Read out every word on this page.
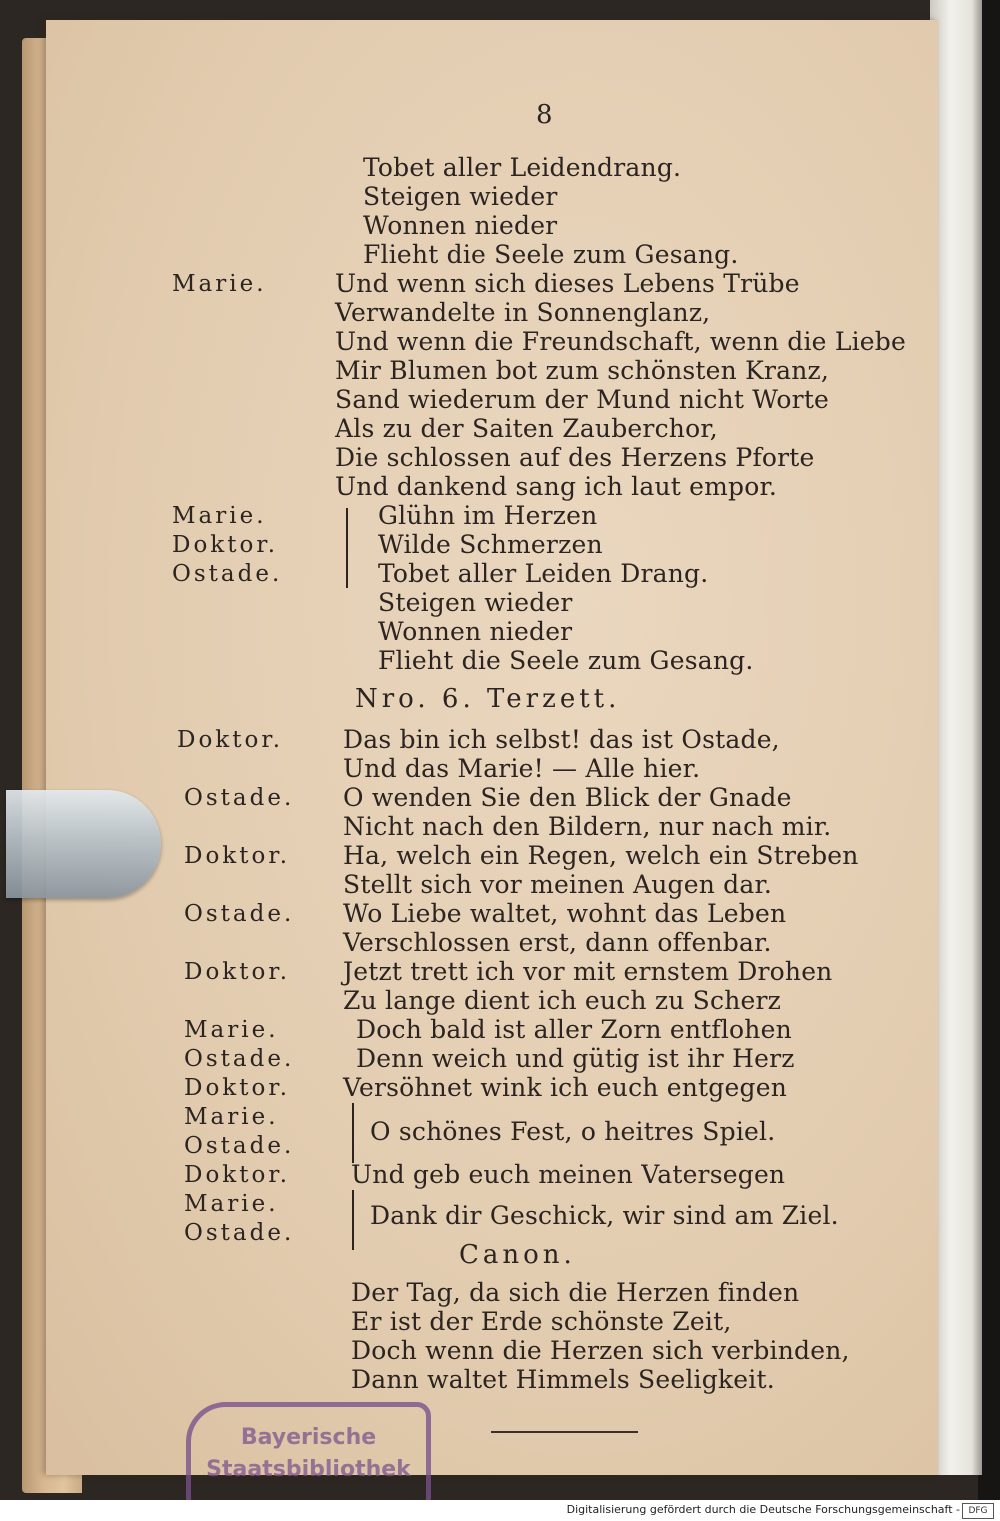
8
Tobet aller Leidendrang.
Steigen wieder
Wonnen nieder
Flieht die Seele zum Gesang.
Und wenn sich dieses Lebens Trübe
Verwandelte in Sonnenglanz,
Und wenn die Freundschaft, wenn die Liebe
Mir Blumen bot zum schönsten Kranz,
Sand wiederum der Mund nicht Worte
Als zu der Saiten Zauberchor,
Die schlossen auf des Herzens Pforte
Und dankend sang ich laut empor.
Glühn im Herzen
Wilde Schmerzen
Tobet aller Leiden Drang.
Steigen wieder
Wonnen nieder
Flieht die Seele zum Gesang.
Nro. 6. Terzett.
Das bin ich selbst! das ist Ostade,
Und das Marie! — Alle hier.
O wenden Sie den Blick der Gnade
Nicht nach den Bildern, nur nach mir.
Ha, welch ein Regen, welch ein Streben
Stellt sich vor meinen Augen dar.
Wo Liebe waltet, wohnt das Leben
Verschlossen erst, dann offenbar.
Jetzt trett ich vor mit ernstem Drohen
Zu lange dient ich euch zu Scherz
Doch bald ist aller Zorn entflohen
Denn weich und gütig ist ihr Herz
Versöhnet wink ich euch entgegen
O schönes Fest, o heitres Spiel.
Und geb euch meinen Vatersegen
Dank dir Geschick, wir sind am Ziel.
Canon.
Der Tag, da sich die Herzen finden
Er ist der Erde schönste Zeit,
Doch wenn die Herzen sich verbinden,
Dann waltet Himmels Seeligkeit.
Marie.
Marie.
Doktor.
Ostade.
Doktor.
Ostade.
Doktor.
Ostade.
Doktor.
Marie.
Ostade.
Doktor.
Marie.
Ostade.
Doktor.
Marie.
Ostade.
Bayerische
Staatsbibliothek
Digitalisierung gefördert durch die Deutsche Forschungsgemeinschaft - DFG
